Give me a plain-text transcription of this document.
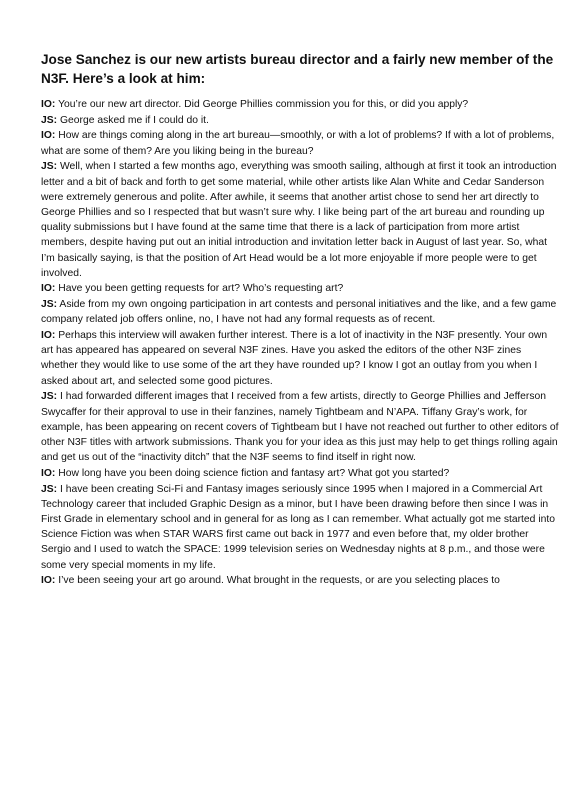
Jose Sanchez is our new artists bureau director and a fairly new member of the N3F. Here’s a look at him:

IO: You’re our new art director. Did George Phillies commission you for this, or did you apply?

JS: George asked me if I could do it.

IO: How are things coming along in the art bureau—smoothly, or with a lot of problems? If with a lot of problems, what are some of them? Are you liking being in the bureau?

JS: Well, when I started a few months ago, everything was smooth sailing, although at first it took an introduction letter and a bit of back and forth to get some material, while other artists like Alan White and Cedar Sanderson were extremely generous and polite. After awhile, it seems that another artist chose to send her art directly to George Phillies and so I respected that but wasn’t sure why. I like being part of the art bureau and rounding up quality submissions but I have found at the same time that there is a lack of participation from more artist members, despite having put out an initial introduction and invitation letter back in August of last year. So, what I’m basically saying, is that the position of Art Head would be a lot more enjoyable if more people were to get involved.

IO: Have you been getting requests for art? Who’s requesting art?

JS: Aside from my own ongoing participation in art contests and personal initiatives and the like, and a few game company related job offers online, no, I have not had any formal requests as of recent.

IO: Perhaps this interview will awaken further interest. There is a lot of inactivity in the N3F presently. Your own art has appeared has appeared on several N3F zines. Have you asked the editors of the other N3F zines whether they would like to use some of the art they have rounded up? I know I got an outlay from you when I asked about art, and selected some good pictures.

JS: I had forwarded different images that I received from a few artists, directly to George Phillies and Jefferson Swycaffer for their approval to use in their fanzines, namely Tightbeam and N’APA. Tiffany Gray’s work, for example, has been appearing on recent covers of Tightbeam but I have not reached out further to other editors of other N3F titles with artwork submissions. Thank you for your idea as this just may help to get things rolling again and get us out of the “inactivity ditch” that the N3F seems to find itself in right now.

IO: How long have you been doing science fiction and fantasy art? What got you started?

JS: I have been creating Sci-Fi and Fantasy images seriously since 1995 when I majored in a Commercial Art Technology career that included Graphic Design as a minor, but I have been drawing before then since I was in First Grade in elementary school and in general for as long as I can remember. What actually got me started into Science Fiction was when STAR WARS first came out back in 1977 and even before that, my older brother Sergio and I used to watch the SPACE: 1999 television series on Wednesday nights at 8 p.m., and those were some very special moments in my life.

IO: I’ve been seeing your art go around. What brought in the requests, or are you selecting places to
